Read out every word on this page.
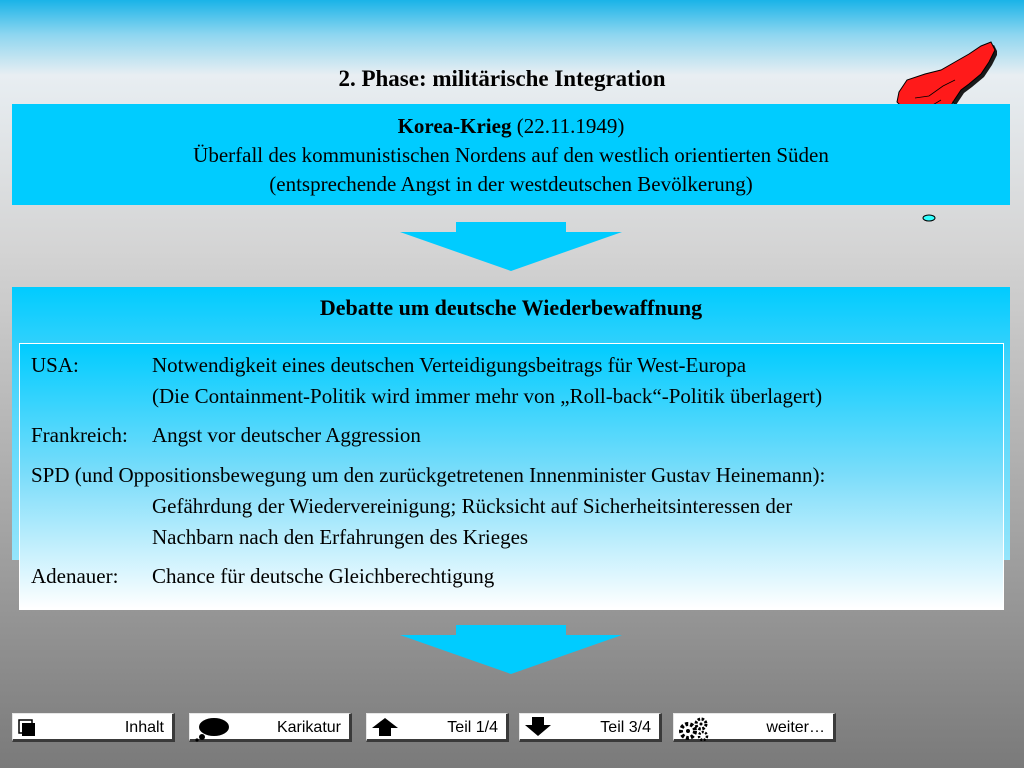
2. Phase: militärische Integration
Korea-Krieg (22.11.1949)
Überfall des kommunistischen Nordens auf den westlich orientierten Süden
(entsprechende Angst in der westdeutschen Bevölkerung)
Debatte um deutsche Wiederbewaffnung
USA:	Notwendigkeit eines deutschen Verteidigungsbeitrags für West-Europa
(Die Containment-Politik wird immer mehr von „Roll-back“-Politik überlagert)
Frankreich: Angst vor deutscher Aggression
SPD (und Oppositionsbewegung um den zurückgetretenen Innenminister Gustav Heinemann):
Gefährdung der Wiedervereinigung; Rücksicht auf Sicherheitsinteressen der
Nachbarn nach den Erfahrungen des Krieges
Adenauer: Chance für deutsche Gleichberechtigung
Inhalt	Karikatur	Teil 1/4	Teil 3/4	weiter…
